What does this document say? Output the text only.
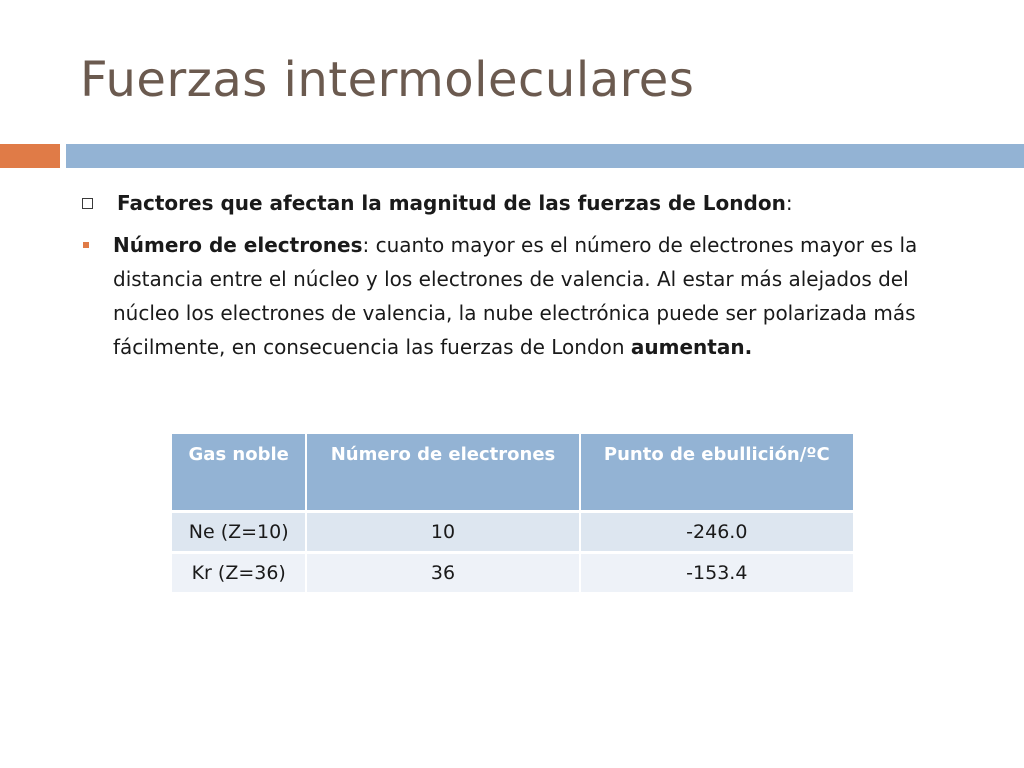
Fuerzas intermoleculares
Factores que afectan la magnitud de las fuerzas de London:
Número de electrones: cuanto mayor es el número de electrones mayor es la distancia entre el núcleo y los electrones de valencia. Al estar más alejados del núcleo los electrones de valencia, la nube electrónica puede ser polarizada más fácilmente, en consecuencia las fuerzas de London aumentan.
Gas noble	Número de electrones	Punto de ebullición/ºC
Ne (Z=10)	10	-246.0
Kr (Z=36)	36	-153.4
